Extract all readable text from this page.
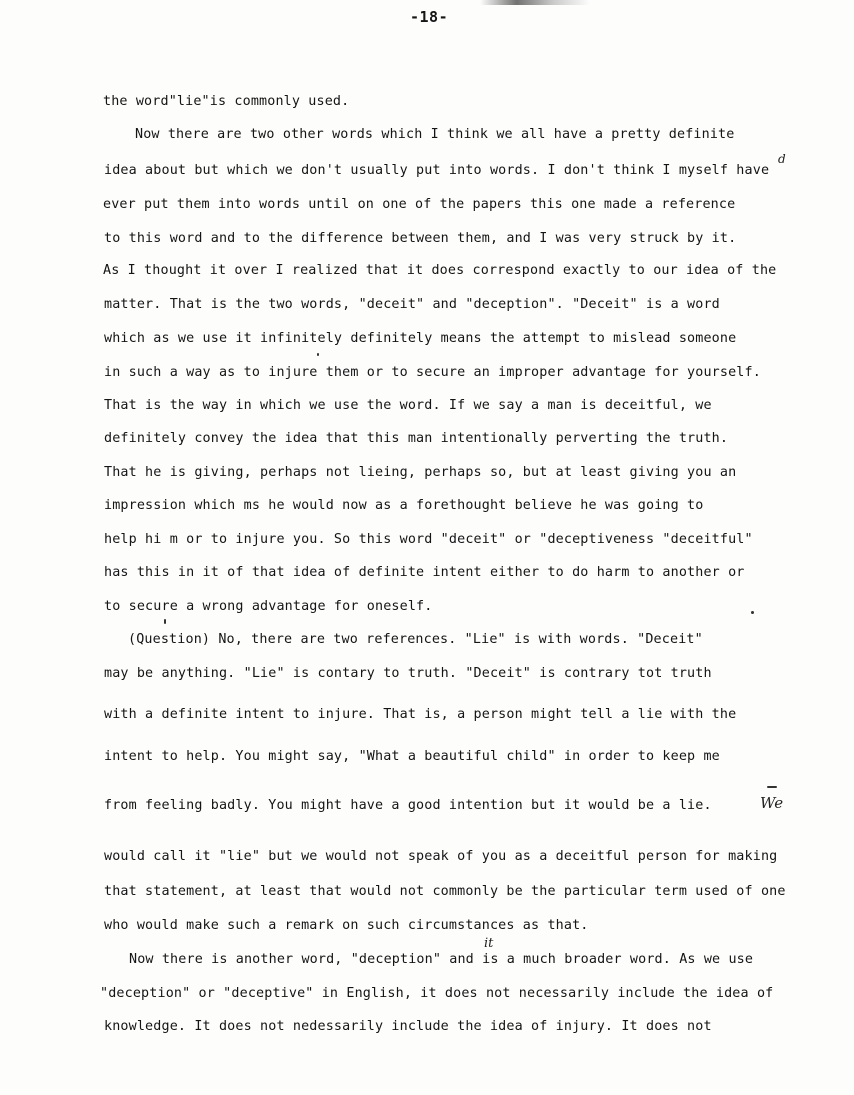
-18-
the word"lie"is commonly used.
Now there are two other words which I think we all have a pretty definite
idea about but which we don't usually put into words. I don't think I myself have
ever put them into words until on one of the papers this one made a reference
to this word and to the difference between them, and I was very struck by it.
As I thought it over I realized that it does correspond exactly to our idea of the
matter. That is the two words, "deceit" and "deception". "Deceit" is a word
which as we use it infinitely definitely means the attempt to mislead someone
in such a way as to injure them or to secure an improper advantage for yourself.
That is the way in which we use the word. If we say a man is deceitful, we
definitely convey the idea that this man intentionally perverting the truth.
That he is giving, perhaps not lieing, perhaps so, but at least giving you an
impression which ms he would now as a forethought believe he was going to
help hi m or to injure you. So this word "deceit" or "deceptiveness "deceitful"
has this in it of that idea of definite intent either to do harm to another or
to secure a wrong advantage for oneself.
(Question) No, there are two references. "Lie" is with words. "Deceit"
may be anything. "Lie" is contary to truth. "Deceit" is contrary tot truth
with a definite intent to injure. That is, a person might tell a lie with the
intent to help. You might say, "What a beautiful child" in order to keep me
from feeling badly. You might have a good intention but it would be a lie.
would call it "lie" but we would not speak of you as a deceitful person for making
that statement, at least that would not commonly be the particular term used of one
who would make such a remark on such circumstances as that.
Now there is another word, "deception" and is a much broader word. As we use
"deception" or "deceptive" in English, it does not necessarily include the idea of
knowledge. It does not nedessarily include the idea of injury. It does not
We
it
d
